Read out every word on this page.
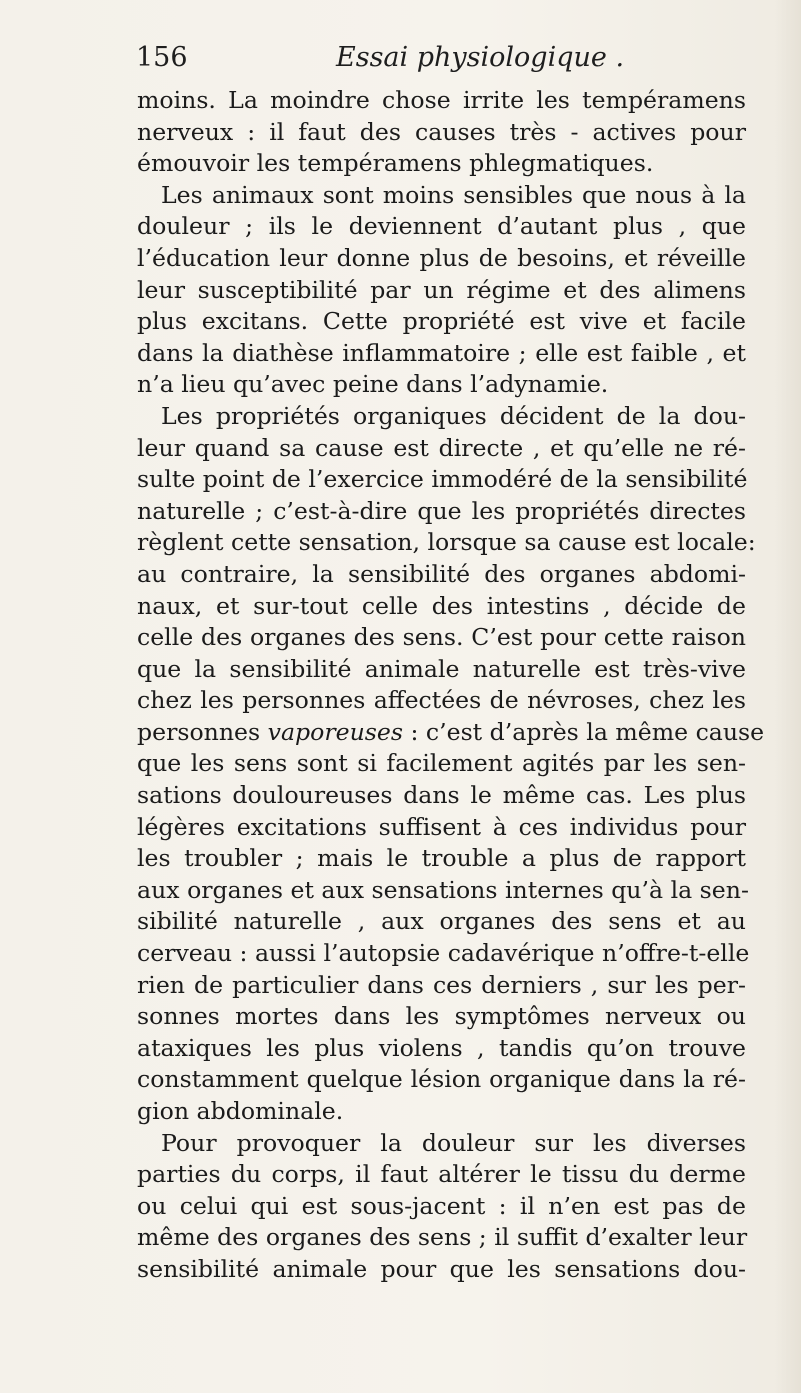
156	Essai physiologique .
moins. La moindre chose irrite les tempéramens
nerveux : il faut des causes très - actives pour
émouvoir les tempéramens phlegmatiques.
Les animaux sont moins sensibles que nous à la
douleur ; ils le deviennent d’autant plus , que
l’éducation leur donne plus de besoins, et réveille
leur susceptibilité par un régime et des alimens
plus excitans. Cette propriété est vive et facile
dans la diathèse inflammatoire ; elle est faible , et
n’a lieu qu’avec peine dans l’adynamie.
Les propriétés organiques décident de la dou-
leur quand sa cause est directe , et qu’elle ne ré-
sulte point de l’exercice immodéré de la sensibilité
naturelle ; c’est-à-dire que les propriétés directes
règlent cette sensation, lorsque sa cause est locale:
au contraire, la sensibilité des organes abdomi-
naux, et sur-tout celle des intestins , décide de
celle des organes des sens. C’est pour cette raison
que la sensibilité animale naturelle est très-vive
chez les personnes affectées de névroses, chez les
personnes vaporeuses : c’est d’après la même cause
que les sens sont si facilement agités par les sen-
sations douloureuses dans le même cas. Les plus
légères excitations suffisent à ces individus pour
les troubler ; mais le trouble a plus de rapport
aux organes et aux sensations internes qu’à la sen-
sibilité naturelle , aux organes des sens et au
cerveau : aussi l’autopsie cadavérique n’offre-t-elle
rien de particulier dans ces derniers , sur les per-
sonnes mortes dans les symptômes nerveux ou
ataxiques les plus violens , tandis qu’on trouve
constamment quelque lésion organique dans la ré-
gion abdominale.
Pour provoquer la douleur sur les diverses
parties du corps, il faut altérer le tissu du derme
ou celui qui est sous-jacent : il n’en est pas de
même des organes des sens ; il suffit d’exalter leur
sensibilité animale pour que les sensations dou-
